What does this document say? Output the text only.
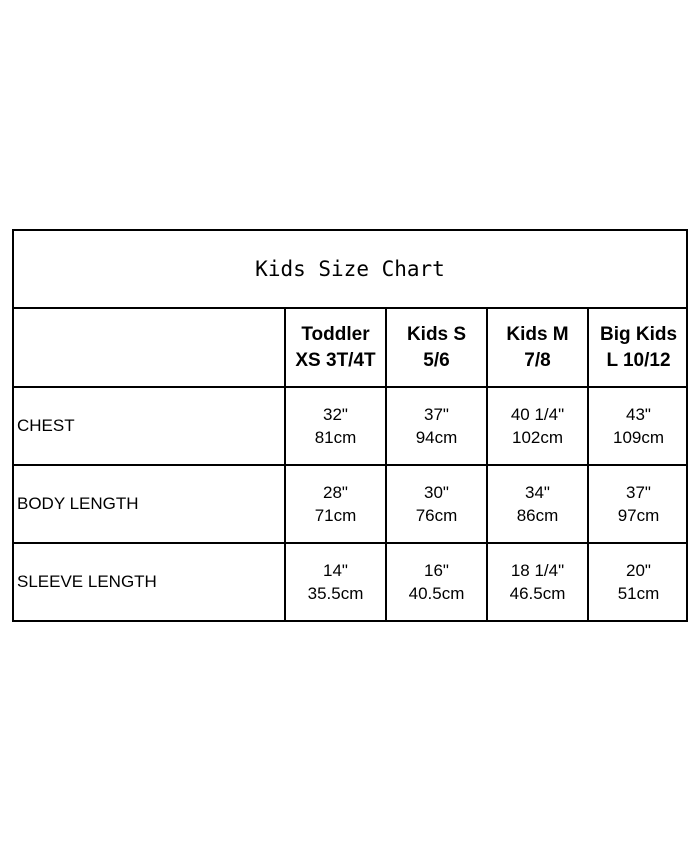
Kids Size Chart
Toddler
XS 3T/4T
Kids S
5/6
Kids M
7/8
Big Kids
L 10/12
CHEST
32"
81cm
37"
94cm
40 1/4"
102cm
43"
109cm
BODY LENGTH
28"
71cm
30"
76cm
34"
86cm
37"
97cm
SLEEVE LENGTH
14"
35.5cm
16"
40.5cm
18 1/4"
46.5cm
20"
51cm
